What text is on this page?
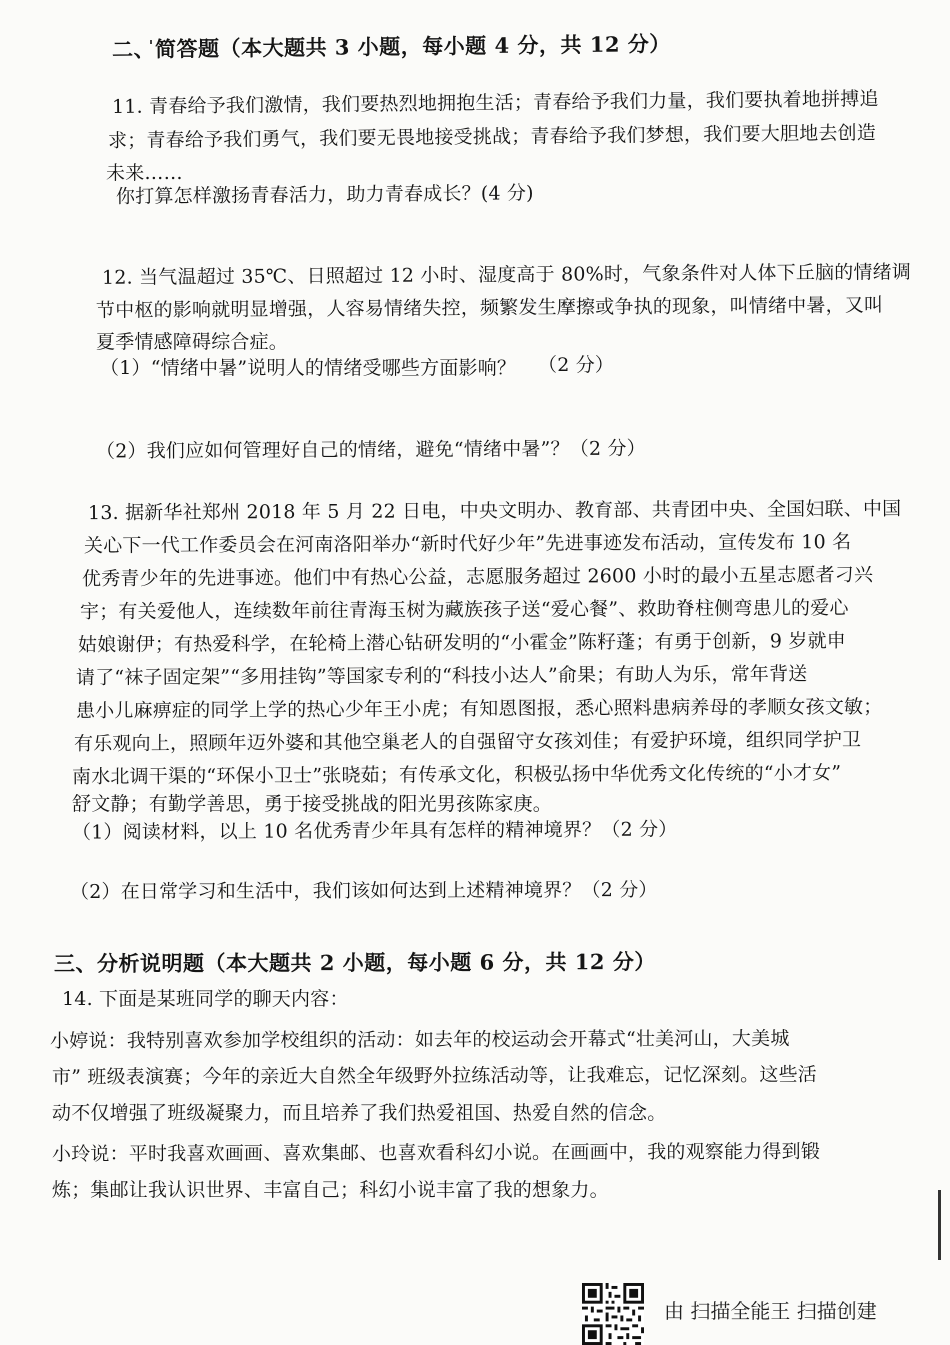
二、简答题（本大题共 3 小题，每小题 4 分，共 12 分）
11. 青春给予我们激情，我们要热烈地拥抱生活；青春给予我们力量，我们要执着地拼搏追
求；青春给予我们勇气，我们要无畏地接受挑战；青春给予我们梦想，我们要大胆地去创造
未来……
你打算怎样激扬青春活力，助力青春成长？(4 分)
12. 当气温超过 35℃、日照超过 12 小时、湿度高于 80%时，气象条件对人体下丘脑的情绪调
节中枢的影响就明显增强，人容易情绪失控，频繁发生摩擦或争执的现象，叫情绪中暑，又叫
夏季情感障碍综合症。
（1）“情绪中暑”说明人的情绪受哪些方面影响？ （2 分）
（2）我们应如何管理好自己的情绪，避免“情绪中暑”？（2 分）
13. 据新华社郑州 2018 年 5 月 22 日电，中央文明办、教育部、共青团中央、全国妇联、中国
关心下一代工作委员会在河南洛阳举办“新时代好少年”先进事迹发布活动，宣传发布 10 名
优秀青少年的先进事迹。他们中有热心公益，志愿服务超过 2600 小时的最小五星志愿者刁兴
宇；有关爱他人，连续数年前往青海玉树为藏族孩子送“爱心餐”、救助脊柱侧弯患儿的爱心
姑娘谢伊；有热爱科学，在轮椅上潜心钻研发明的“小霍金”陈籽蓬；有勇于创新，9 岁就申
请了“袜子固定架”“多用挂钩”等国家专利的“科技小达人”俞果；有助人为乐，常年背送
患小儿麻痹症的同学上学的热心少年王小虎；有知恩图报，悉心照料患病养母的孝顺女孩文敏；
有乐观向上，照顾年迈外婆和其他空巢老人的自强留守女孩刘佳；有爱护环境，组织同学护卫
南水北调干渠的“环保小卫士”张晓茹；有传承文化，积极弘扬中华优秀文化传统的“小才女”
舒文静；有勤学善思，勇于接受挑战的阳光男孩陈家庚。
（1）阅读材料，以上 10 名优秀青少年具有怎样的精神境界？（2 分）
（2）在日常学习和生活中，我们该如何达到上述精神境界？（2 分）
三、分析说明题（本大题共 2 小题，每小题 6 分，共 12 分）
14. 下面是某班同学的聊天内容：
小婷说：我特别喜欢参加学校组织的活动：如去年的校运动会开幕式“壮美河山，大美城
市” 班级表演赛；今年的亲近大自然全年级野外拉练活动等，让我难忘，记忆深刻。这些活
动不仅增强了班级凝聚力，而且培养了我们热爱祖国、热爱自然的信念。
小玲说：平时我喜欢画画、喜欢集邮、也喜欢看科幻小说。在画画中，我的观察能力得到锻
炼；集邮让我认识世界、丰富自己；科幻小说丰富了我的想象力。
由 扫描全能王 扫描创建
